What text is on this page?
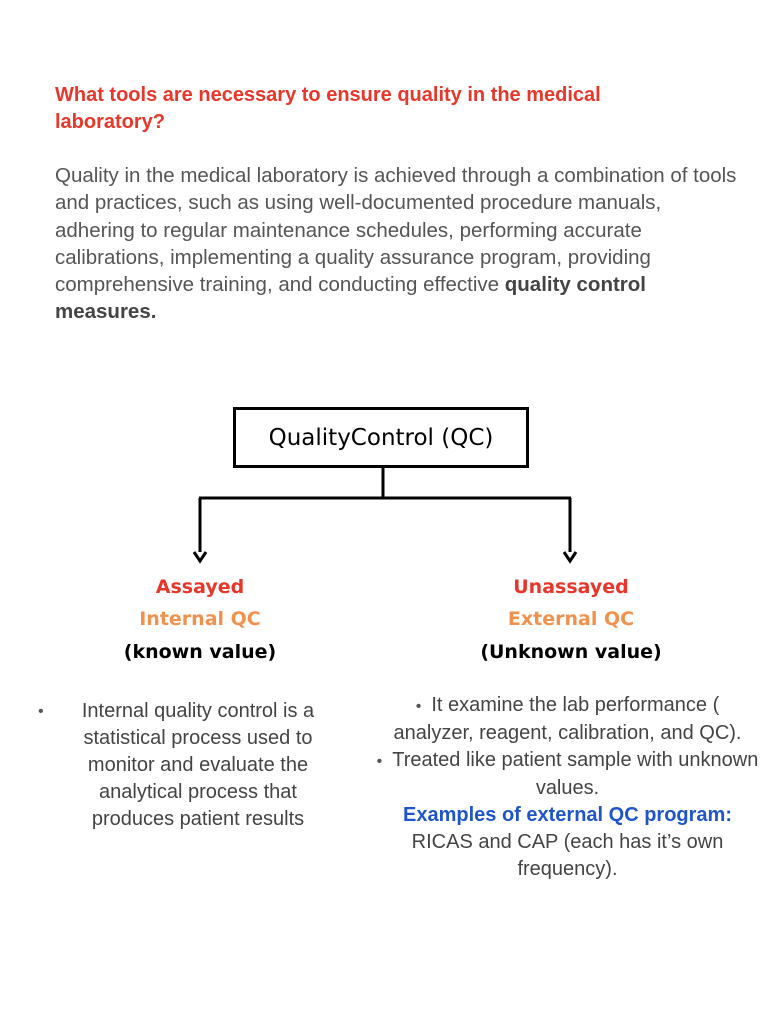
What tools are necessary to ensure quality in the medical laboratory?
Quality in the medical laboratory is achieved through a combination of tools and practices, such as using well-documented procedure manuals, adhering to regular maintenance schedules, performing accurate calibrations, implementing a quality assurance program, providing comprehensive training, and conducting effective quality control measures.
QualityControl (QC)
Assayed
Internal QC
(known value)
Unassayed
External QC
(Unknown value)
•	Internal quality control is a statistical process used to monitor and evaluate the analytical process that produces patient results

• It examine the lab performance ( analyzer, reagent, calibration, and QC).

• Treated like patient sample with unknown values.

Examples of external QC program:

RICAS and CAP (each has it’s own frequency).
